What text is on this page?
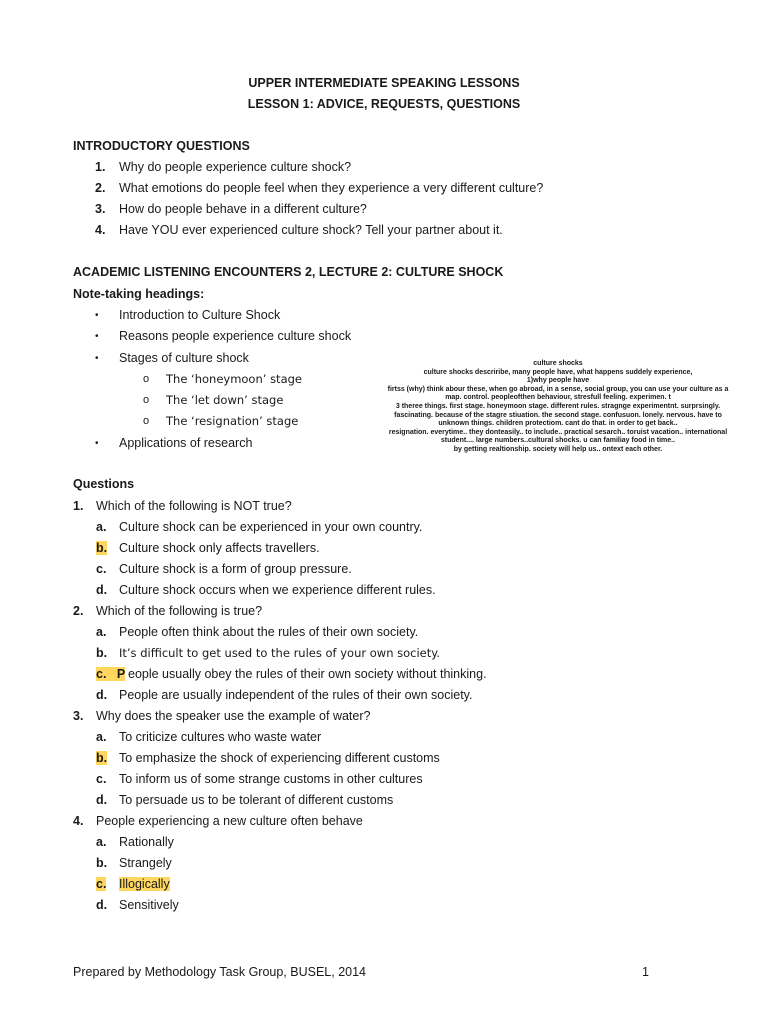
UPPER INTERMEDIATE SPEAKING LESSONS
LESSON 1: ADVICE, REQUESTS, QUESTIONS
INTRODUCTORY QUESTIONS
1. Why do people experience culture shock?
2. What emotions do people feel when they experience a very different culture?
3. How do people behave in a different culture?
4. Have YOU ever experienced culture shock? Tell your partner about it.
ACADEMIC LISTENING ENCOUNTERS 2, LECTURE 2: CULTURE SHOCK
Note-taking headings:
• Introduction to Culture Shock
• Reasons people experience culture shock
• Stages of culture shock
o The ‘honeymoon’ stage
o The ‘let down’ stage
o The ‘resignation’ stage
• Applications of research
culture shocks
culture shocks descriribe, many people have, what happens suddely experience,
1)why people have
firtss (why) think abour these, when go abroad, in a sense, social group, you can use your culture as a
map. control. peopleofthen behaviour, stresfull feeling. experimen. t
3 theree things. first stage. honeymoon stage. different rules. stragnge experimentnt. surprsingly.
fascinating. because of the stagre stiuation. the second stage. confusuon. lonely. nervous. have to
unknown things. children protectiom. cant do that. in order to get back..
resignation. everytime.. they donteasily.. to include.. practical sesarch.. toruist vacation.. international
student.... large numbers..cultural shocks. u can familiay food in time..
by getting realtionship. society will help us.. ontext each other.
Questions
1. Which of the following is NOT true?
a. Culture shock can be experienced in your own country.
b. Culture shock only affects travellers.
c. Culture shock is a form of group pressure.
d. Culture shock occurs when we experience different rules.
2. Which of the following is true?
a. People often think about the rules of their own society.
b. It’s difficult to get used to the rules of your own society.
c. P eople usually obey the rules of their own society without thinking.
d. People are usually independent of the rules of their own society.
3. Why does the speaker use the example of water?
a. To criticize cultures who waste water
b. To emphasize the shock of experiencing different customs
c. To inform us of some strange customs in other cultures
d. To persuade us to be tolerant of different customs
4. People experiencing a new culture often behave
a. Rationally
b. Strangely
c. Illogically
d. Sensitively
Prepared by Methodology Task Group, BUSEL, 2014	1
